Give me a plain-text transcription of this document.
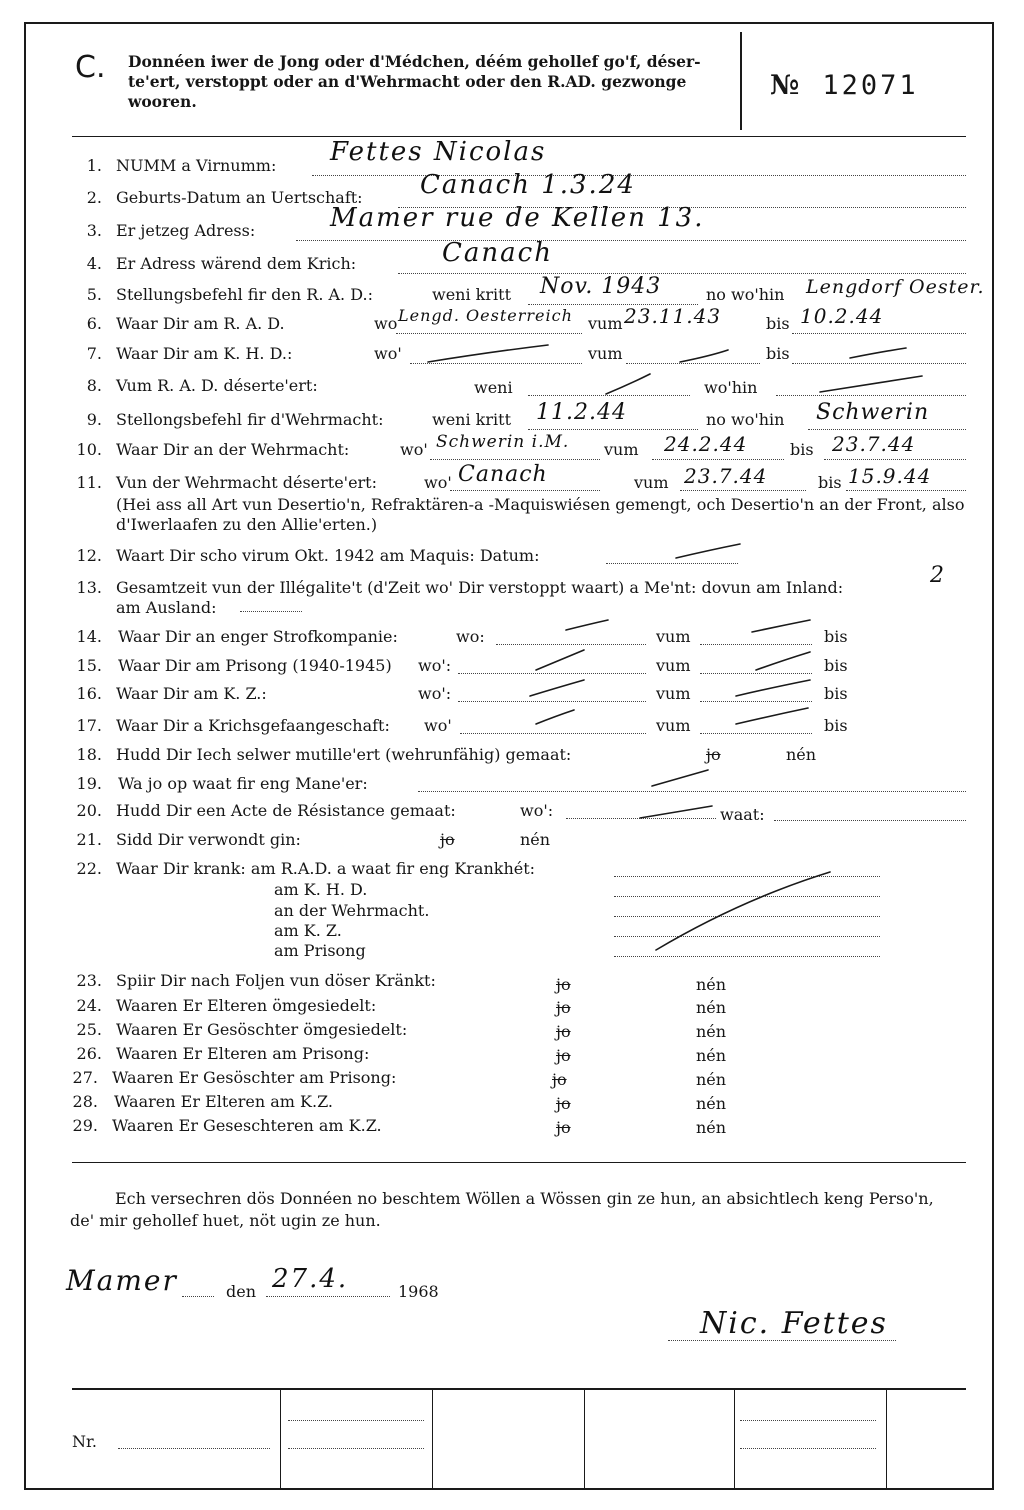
C. Donnéen iwer de Jong oder d'Médchen, déém gehollef go'f, déser-te'ert, verstoppt oder an d'Wehrmacht oder den R.AD. gezwonge wooren.
№ 12071
1. NUMM a Virnumm: Fettes Nicolas
2. Geburts-Datum an Uertschaft: Canach 1.3.24
3. Er jetzeg Adress:	Mamer rue de Kellen 13.
4. Er Adress wärend dem Krich:	Canach
5. Stellungsbefehl fir den R. A. D.:	weni kritt Nov. 1943	no wo'hin Lengdorf Oester.
6. Waar Dir am R. A. D.	wo Lengd. Oesterreich vum 23.11.43	bis 10.2.44
7. Waar Dir am K. H. D.:	wo'	vum	bis
8. Vum R. A. D. déserte'ert:	weni	wo'hin
9. Stellongsbefehl fir d'Wehrmacht:	weni kritt 11.2.44	no wo'hin Schwerin
10. Waar Dir an der Wehrmacht:	wo' Schwerin i.M. vum 24.2.44	bis 23.7.44
11. Vun der Wehrmacht déserte'ert:	wo' Canach	vum 23.7.44	bis 15.9.44
(Hei ass all Art vun Desertio'n, Refraktären-a -Maquiswiésen gemengt, och Desertio'n an der Front, also d'Iwerlaafen zu den Allie'erten.)
12. Waart Dir scho virum Okt. 1942 am Maquis: Datum:
13. Gesamtzeit vun der Illégalite't (d'Zeit wo' Dir verstoppt waart) a Me'nt: dovun am Inland:	2
am Ausland:
14. Waar Dir an enger Strofkompanie:	wo:	vum	bis
15. Waar Dir am Prisong (1940-1945) wo':	vum	bis
16. Waar Dir am K. Z.:	wo':	vum	bis
17. Waar Dir a Krichsgefaangeschaft: wo'	vum	bis
18. Hudd Dir Iech selwer mutille'ert (wehrunfähig) gemaat:	jo	nén
19. Wa jo op waat fir eng Mane'er:
20. Hudd Dir een Acte de Résistance gemaat:	wo':	waat:
21. Sidd Dir verwondt gin:	jo	nén
22. Waar Dir krank: am R.A.D. a waat fir eng Krankhét:
am K. H. D.
an der Wehrmacht.
am K. Z.
am Prisong
23. Spiir Dir nach Foljen vun döser Kränkt:	jo	nén
24. Waaren Er Elteren ömgesiedelt:	jo	nén
25. Waaren Er Gesöschter ömgesiedelt:	jo	nén
26. Waaren Er Elteren am Prisong:	jo	nén
27. Waaren Er Gesöschter am Prisong:	jo	nén
28. Waaren Er Elteren am K.Z.	jo	nén
29. Waaren Er Geseschteren am K.Z.	jo	nén
Ech versechren dös Donnéen no beschtem Wöllen a Wössen gin ze hun, an absichtlech keng Perso'n, de' mir gehollef huet, nöt ugin ze hun.
Mamer	den 27.4.	1968
Nic. Fettes
Nr.
